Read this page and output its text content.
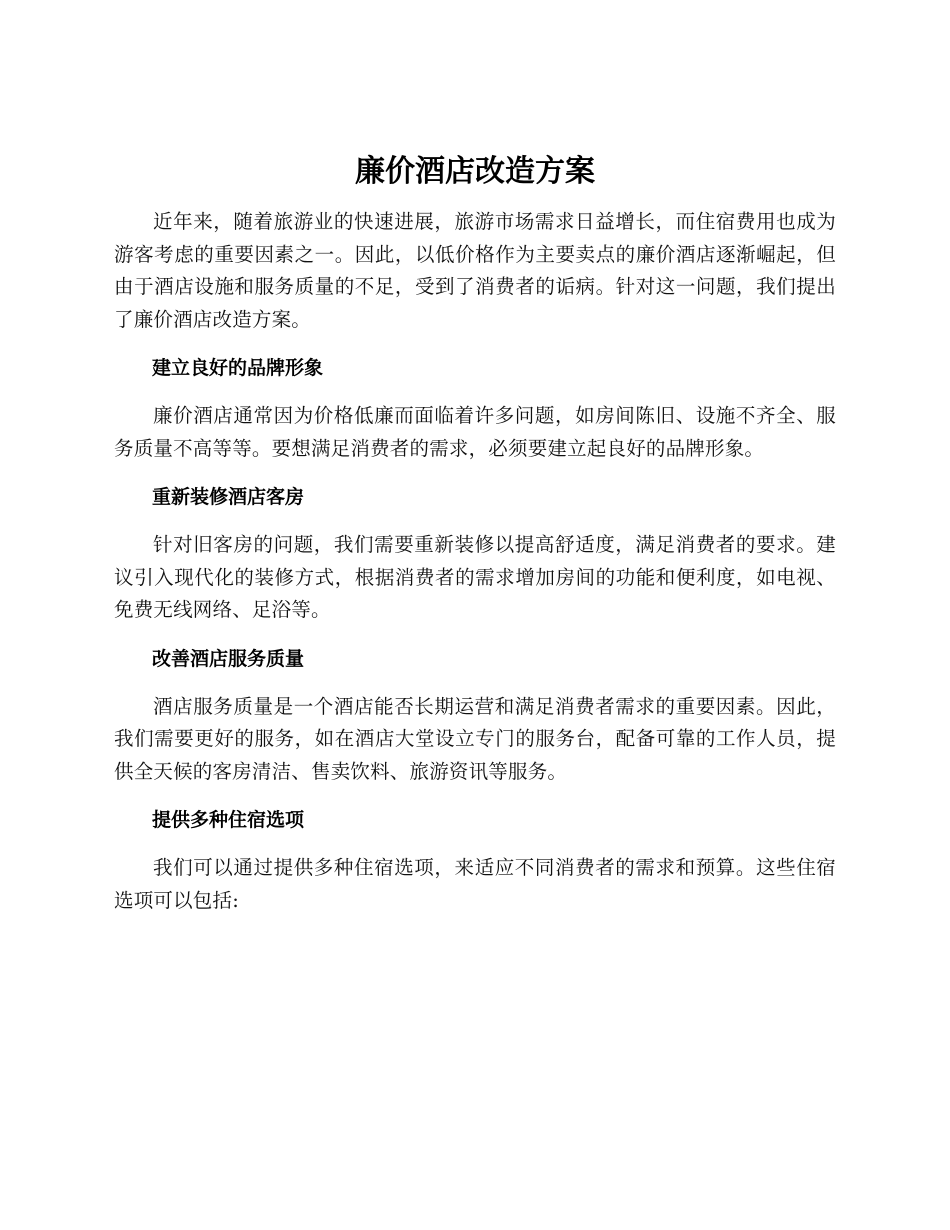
廉价酒店改造方案

近年来，随着旅游业的快速进展，旅游市场需求日益增长，而住宿费用也成为游客考虑的重要因素之一。因此，以低价格作为主要卖点的廉价酒店逐渐崛起，但由于酒店设施和服务质量的不足，受到了消费者的诟病。针对这一问题，我们提出了廉价酒店改造方案。

建立良好的品牌形象

廉价酒店通常因为价格低廉而面临着许多问题，如房间陈旧、设施不齐全、服务质量不高等等。要想满足消费者的需求，必须要建立起良好的品牌形象。

重新装修酒店客房

针对旧客房的问题，我们需要重新装修以提高舒适度，满足消费者的要求。建议引入现代化的装修方式，根据消费者的需求增加房间的功能和便利度，如电视、免费无线网络、足浴等。

改善酒店服务质量

酒店服务质量是一个酒店能否长期运营和满足消费者需求的重要因素。因此，我们需要更好的服务，如在酒店大堂设立专门的服务台，配备可靠的工作人员，提供全天候的客房清洁、售卖饮料、旅游资讯等服务。

提供多种住宿选项

我们可以通过提供多种住宿选项，来适应不同消费者的需求和预算。这些住宿选项可以包括:
